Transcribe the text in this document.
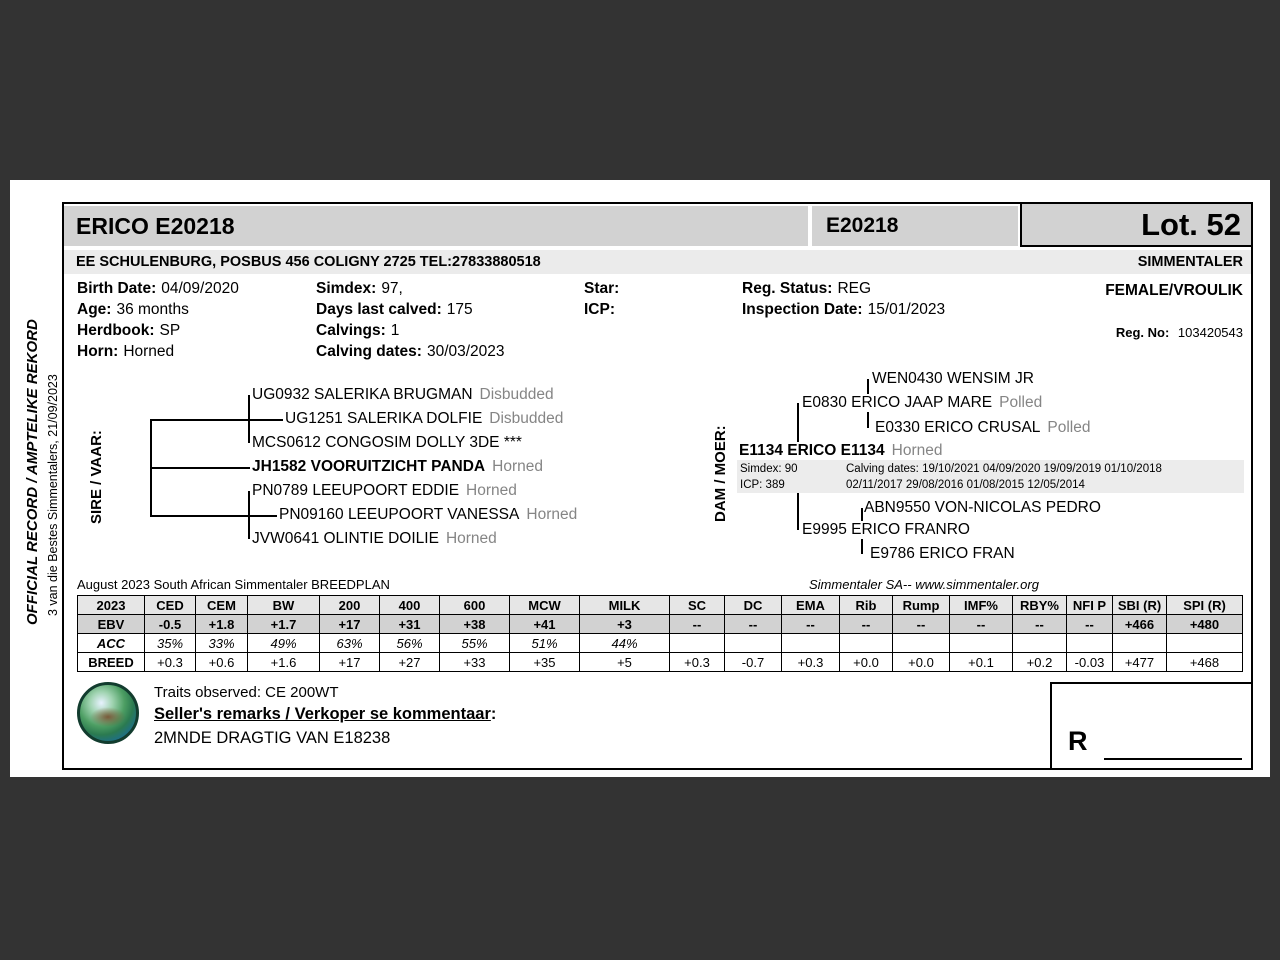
OFFICIAL RECORD / AMPTELIKE REKORD 3 van die Bestes Simmentalers, 21/09/2023
ERICO E20218	E20218	Lot. 52
EE SCHULENBURG, POSBUS 456 COLIGNY 2725 TEL:27833880518	SIMMENTALER
Birth Date: 04/09/2020
Age: 36 months
Herdbook: SP
Horn: Horned
Simdex: 97,
Days last calved: 175
Calvings: 1
Calving dates: 30/03/2023
Star:
ICP:
Reg. Status: REG
Inspection Date: 15/01/2023
FEMALE/VROULIK
Reg. No: 103420543
SIRE / VAAR:
UG0932 SALERIKA BRUGMAN Disbudded
UG1251 SALERIKA DOLFIE Disbudded
MCS0612 CONGOSIM DOLLY 3DE ***
JH1582 VOORUITZICHT PANDA Horned
PN0789 LEEUPOORT EDDIE Horned
PN09160 LEEUPOORT VANESSA Horned
JVW0641 OLINTIE DOILIE Horned
DAM / MOER:
WEN0430 WENSIM JR
E0830 ERICO JAAP MARE Polled
E0330 ERICO CRUSAL Polled
E1134 ERICO E1134 Horned
Simdex: 90	Calving dates: 19/10/2021 04/09/2020 19/09/2019 01/10/2018
ICP: 389	02/11/2017 29/08/2016 01/08/2015 12/05/2014
ABN9550 VON-NICOLAS PEDRO
E9995 ERICO FRANRO
E9786 ERICO FRAN
August 2023 South African Simmentaler BREEDPLAN	Simmentaler SA-- www.simmentaler.org
2023	CED	CEM	BW	200	400	600	MCW	MILK	SC	DC	EMA	Rib	Rump	IMF%	RBY%	NFI P	SBI (R)	SPI (R)
EBV	-0.5	+1.8	+1.7	+17	+31	+38	+41	+3	--	--	--	--	--	--	--	--	+466	+480
ACC	35%	33%	49%	63%	56%	55%	51%	44%										
BREED	+0.3	+0.6	+1.6	+17	+27	+33	+35	+5	+0.3	-0.7	+0.3	+0.0	+0.0	+0.1	+0.2	-0.03	+477	+468
Traits observed: CE 200WT
Seller's remarks / Verkoper se kommentaar:
2MNDE DRAGTIG VAN E18238	R
